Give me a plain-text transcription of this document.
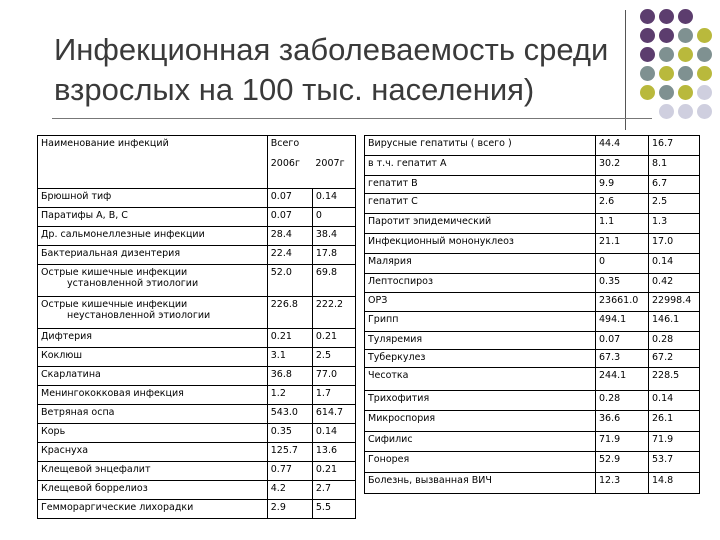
Инфекционная заболеваемость среди
взрослых на 100 тыс. населения)
Наименование инфекций	Всего	
	2006г	2007г

Брюшной тиф	0.07	0.14

Паратифы А, В, С	0.07	0

Др. сальмонеллезные инфекции	28.4	38.4

Бактериальная дизентерия	22.4	17.8

Острые кишечные инфекции
установленной этиологии	52.0	69.8

Острые кишечные инфекции
неустановленной этиологии	226.8	222.2

Дифтерия	0.21	0.21

Коклюш	3.1	2.5

Скарлатина	36.8	77.0

Менингококковая инфекция	1.2	1.7

Ветряная оспа	543.0	614.7

Корь	0.35	0.14

Краснуха	125.7	13.6

Клещевой энцефалит	0.77	0.21

Клещевой боррелиоз	4.2	2.7

Геммораргические лихорадки	2.9	5.5
Вирусные гепатиты ( всего )	44.4	16.7
в т.ч. гепатит А	30.2	8.1
гепатит В	9.9	6.7
гепатит С	2.6	2.5
Паротит эпидемический	1.1	1.3
Инфекционный мононуклеоз	21.1	17.0
Малярия	0	0.14
Лептоспироз	0.35	0.42
ОРЗ	23661.0	22998.4
Грипп	494.1	146.1
Туляремия	0.07	0.28
Туберкулез	67.3	67.2
Чесотка	244.1	228.5
Трихофития	0.28	0.14
Микроспория	36.6	26.1
Сифилис	71.9	71.9
Гонорея	52.9	53.7
Болезнь, вызванная ВИЧ	12.3	14.8
